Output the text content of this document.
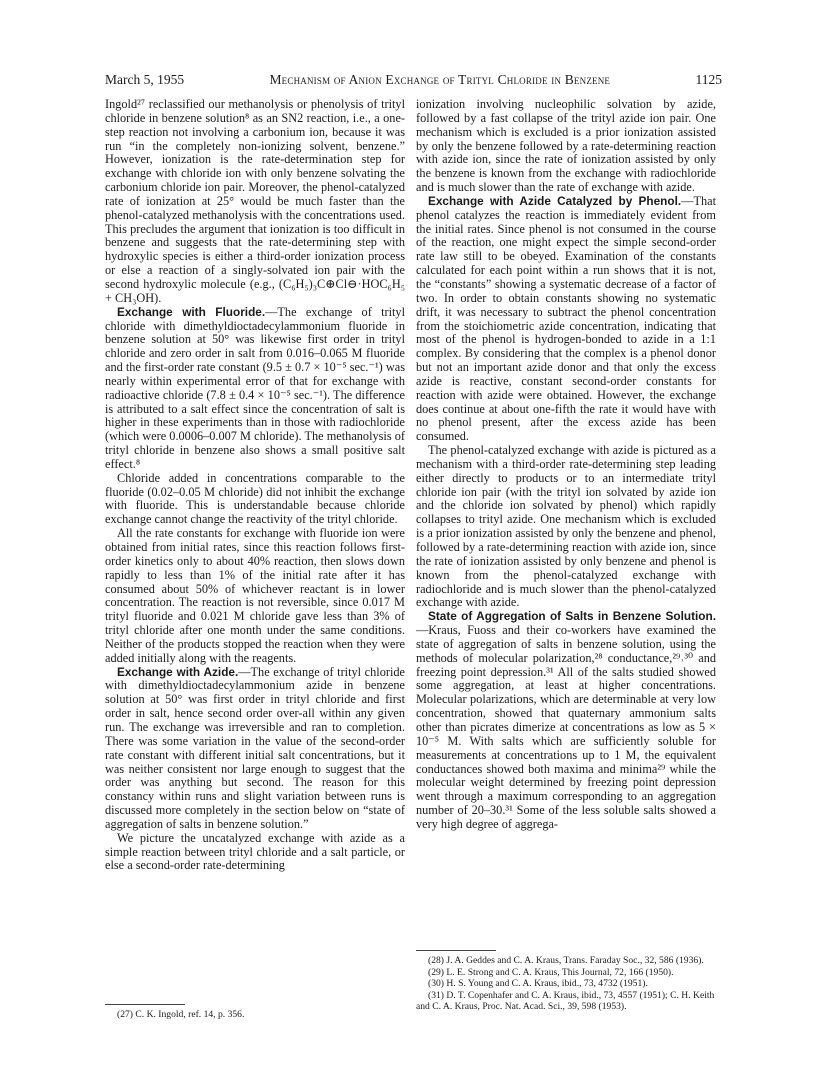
March 5, 1955	Mechanism of Anion Exchange of Trityl Chloride in Benzene	1125

Ingold²⁷ reclassified our methanolysis or phenolysis of trityl chloride in benzene solution⁸ as an SN2 reaction, i.e., a one-step reaction not involving a carbonium ion, because it was run “in the completely non-ionizing solvent, benzene.” However, ionization is the rate-determination step for exchange with chloride ion with only benzene solvating the carbonium chloride ion pair. Moreover, the phenol-catalyzed rate of ionization at 25° would be much faster than the phenol-catalyzed methanolysis with the concentrations used. This precludes the argument that ionization is too difficult in benzene and suggests that the rate-determining step with hydroxylic species is either a third-order ionization process or else a reaction of a singly-solvated ion pair with the second hydroxylic molecule (e.g., (C₆H₅)₃C⊕Cl⊖·HOC₆H₅ + CH₃OH).

Exchange with Fluoride.—The exchange of trityl chloride with dimethyldioctadecylammonium fluoride in benzene solution at 50° was likewise first order in trityl chloride and zero order in salt from 0.016–0.065 M fluoride and the first-order rate constant (9.5 ± 0.7 × 10⁻⁵ sec.⁻¹) was nearly within experimental error of that for exchange with radioactive chloride (7.8 ± 0.4 × 10⁻⁵ sec.⁻¹). The difference is attributed to a salt effect since the concentration of salt is higher in these experiments than in those with radiochloride (which were 0.0006–0.007 M chloride). The methanolysis of trityl chloride in benzene also shows a small positive salt effect.⁸

Chloride added in concentrations comparable to the fluoride (0.02–0.05 M chloride) did not inhibit the exchange with fluoride. This is understandable because chloride exchange cannot change the reactivity of the trityl chloride.

All the rate constants for exchange with fluoride ion were obtained from initial rates, since this reaction follows first-order kinetics only to about 40% reaction, then slows down rapidly to less than 1% of the initial rate after it has consumed about 50% of whichever reactant is in lower concentration. The reaction is not reversible, since 0.017 M trityl fluoride and 0.021 M chloride gave less than 3% of trityl chloride after one month under the same conditions. Neither of the products stopped the reaction when they were added initially along with the reagents.

Exchange with Azide.—The exchange of trityl chloride with dimethyldioctadecylammonium azide in benzene solution at 50° was first order in trityl chloride and first order in salt, hence second order over-all within any given run. The exchange was irreversible and ran to completion. There was some variation in the value of the second-order rate constant with different initial salt concentrations, but it was neither consistent nor large enough to suggest that the order was anything but second. The reason for this constancy within runs and slight variation between runs is discussed more completely in the section below on “state of aggregation of salts in benzene solution.”

We picture the uncatalyzed exchange with azide as a simple reaction between trityl chloride and a salt particle, or else a second-order rate-determining

(27) C. K. Ingold, ref. 14, p. 356.

ionization involving nucleophilic solvation by azide, followed by a fast collapse of the trityl azide ion pair. One mechanism which is excluded is a prior ionization assisted by only the benzene followed by a rate-determining reaction with azide ion, since the rate of ionization assisted by only the benzene is known from the exchange with radiochloride and is much slower than the rate of exchange with azide.

Exchange with Azide Catalyzed by Phenol.—That phenol catalyzes the reaction is immediately evident from the initial rates. Since phenol is not consumed in the course of the reaction, one might expect the simple second-order rate law still to be obeyed. Examination of the constants calculated for each point within a run shows that it is not, the “constants” showing a systematic decrease of a factor of two. In order to obtain constants showing no systematic drift, it was necessary to subtract the phenol concentration from the stoichiometric azide concentration, indicating that most of the phenol is hydrogen-bonded to azide in a 1:1 complex. By considering that the complex is a phenol donor but not an important azide donor and that only the excess azide is reactive, constant second-order constants for reaction with azide were obtained. However, the exchange does continue at about one-fifth the rate it would have with no phenol present, after the excess azide has been consumed.

The phenol-catalyzed exchange with azide is pictured as a mechanism with a third-order rate-determining step leading either directly to products or to an intermediate trityl chloride ion pair (with the trityl ion solvated by azide ion and the chloride ion solvated by phenol) which rapidly collapses to trityl azide. One mechanism which is excluded is a prior ionization assisted by only the benzene and phenol, followed by a rate-determining reaction with azide ion, since the rate of ionization assisted by only benzene and phenol is known from the phenol-catalyzed exchange with radiochloride and is much slower than the phenol-catalyzed exchange with azide.

State of Aggregation of Salts in Benzene Solution.—Kraus, Fuoss and their co-workers have examined the state of aggregation of salts in benzene solution, using the methods of molecular polarization,²⁸ conductance,²⁹˒³⁰ and freezing point depression.³¹ All of the salts studied showed some aggregation, at least at higher concentrations. Molecular polarizations, which are determinable at very low concentration, showed that quaternary ammonium salts other than picrates dimerize at concentrations as low as 5 × 10⁻⁵ M. With salts which are sufficiently soluble for measurements at concentrations up to 1 M, the equivalent conductances showed both maxima and minima²⁹ while the molecular weight determined by freezing point depression went through a maximum corresponding to an aggregation number of 20–30.³¹ Some of the less soluble salts showed a very high degree of aggrega-

(28) J. A. Geddes and C. A. Kraus, Trans. Faraday Soc., 32, 586 (1936).
(29) L. E. Strong and C. A. Kraus, This Journal, 72, 166 (1950).
(30) H. S. Young and C. A. Kraus, ibid., 73, 4732 (1951).
(31) D. T. Copenhafer and C. A. Kraus, ibid., 73, 4557 (1951); C. H. Keith and C. A. Kraus, Proc. Nat. Acad. Sci., 39, 598 (1953).
